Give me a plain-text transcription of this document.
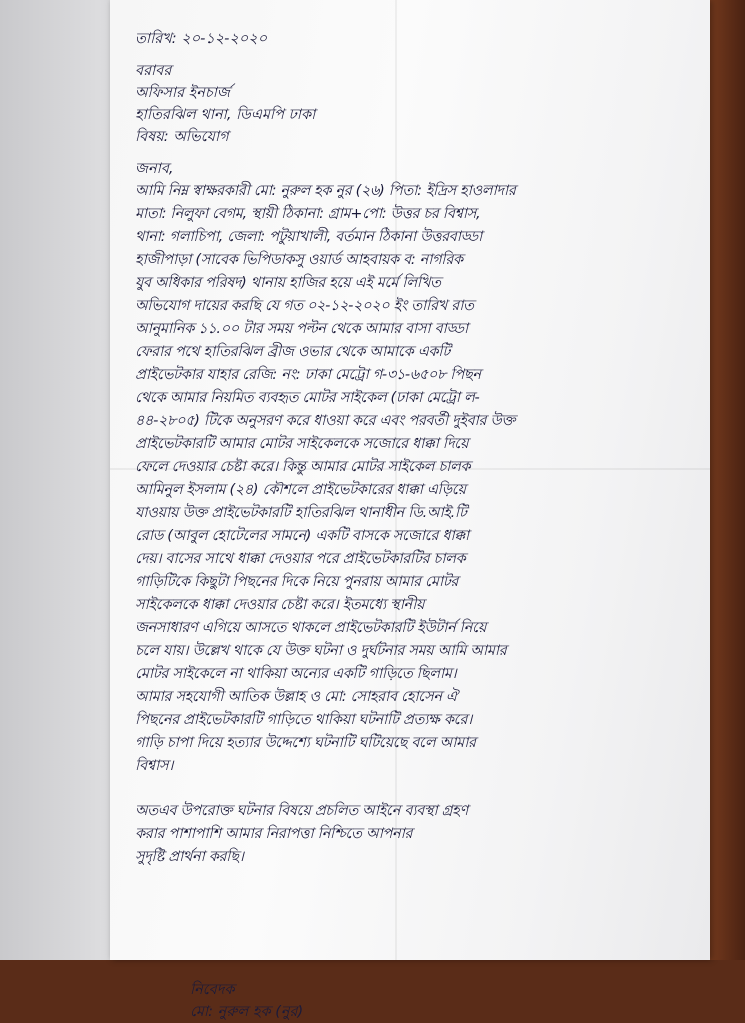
তারিখ: ২০-১২-২০২০
বরাবর
অফিসার ইনচার্জ
হাতিরঝিল থানা, ডিএমপি ঢাকা
বিষয়: অভিযোগ
জনাব,
আমি নিম্ন স্বাক্ষরকারী মো: নুরুল হক নুর (২৬) পিতা: ইদ্রিস হাওলাদার
মাতা: নিলুফা বেগম, স্থায়ী ঠিকানা: গ্রাম+পো: উত্তর চর বিশ্বাস,
থানা: গলাচিপা, জেলা: পটুয়াখালী, বর্তমান ঠিকানা উত্তরবাড্ডা
হাজীপাড়া (সাবেক ভিপিডাকসু ওয়ার্ড আহবায়ক ব: নাগরিক
যুব অধিকার পরিষদ) থানায় হাজির হয়ে এই মর্মে লিখিত
অভিযোগ দায়ের করছি যে গত ০২-১২-২০২০ ইং তারিখ রাত
আনুমানিক ১১.০০ টার সময় পল্টন থেকে আমার বাসা বাড্ডা
ফেরার পথে হাতিরঝিল ব্রীজ ওভার থেকে আমাকে একটি
প্রাইভেটকার যাহার রেজি: নং: ঢাকা মেট্রো গ-৩১-৬৫০৮ পিছন
থেকে আমার নিয়মিত ব্যবহৃত মোটর সাইকেল (ঢাকা মেট্রো ল-
৪৪-২৮০৫) টিকে অনুসরণ করে ধাওয়া করে এবং পরবর্তী দুইবার উক্ত
প্রাইভেটকারটি আমার মোটর সাইকেলকে সজোরে ধাক্কা দিয়ে
ফেলে দেওয়ার চেষ্টা করে। কিন্তু আমার মোটর সাইকেল চালক
আমিনুল ইসলাম (২৪) কৌশলে প্রাইভেটকারের ধাক্কা এড়িয়ে
যাওয়ায় উক্ত প্রাইভেটকারটি হাতিরঝিল থানাধীন ডি.আই.টি
রোড (আবুল হোটেলের সামনে) একটি বাসকে সজোরে ধাক্কা
দেয়। বাসের সাথে ধাক্কা দেওয়ার পরে প্রাইভেটকারটির চালক
গাড়িটিকে কিছুটা পিছনের দিকে নিয়ে পুনরায় আমার মোটর
সাইকেলকে ধাক্কা দেওয়ার চেষ্টা করে। ইতমধ্যে স্থানীয়
জনসাধারণ এগিয়ে আসতে থাকলে প্রাইভেটকারটি ইউটার্ন নিয়ে
চলে যায়। উল্লেখ থাকে যে উক্ত ঘটনা ও দুর্ঘটনার সময় আমি আমার
মোটর সাইকেলে না থাকিয়া অন্যের একটি গাড়িতে ছিলাম।
আমার সহযোগী আতিক উল্লাহ ও মো: সোহরাব হোসেন ঐ
পিছনের প্রাইভেটকারটি গাড়িতে থাকিয়া ঘটনাটি প্রত্যক্ষ করে।
গাড়ি চাপা দিয়ে হত্যার উদ্দেশ্যে ঘটনাটি ঘটিয়েছে বলে আমার
বিশ্বাস।
অতএব উপরোক্ত ঘটনার বিষয়ে প্রচলিত আইনে ব্যবস্থা গ্রহণ
করার পাশাপাশি আমার নিরাপত্তা নিশ্চিতে আপনার
সুদৃষ্টি প্রার্থনা করছি।
নিবেদক
মো: নুরুল হক (নুর)
